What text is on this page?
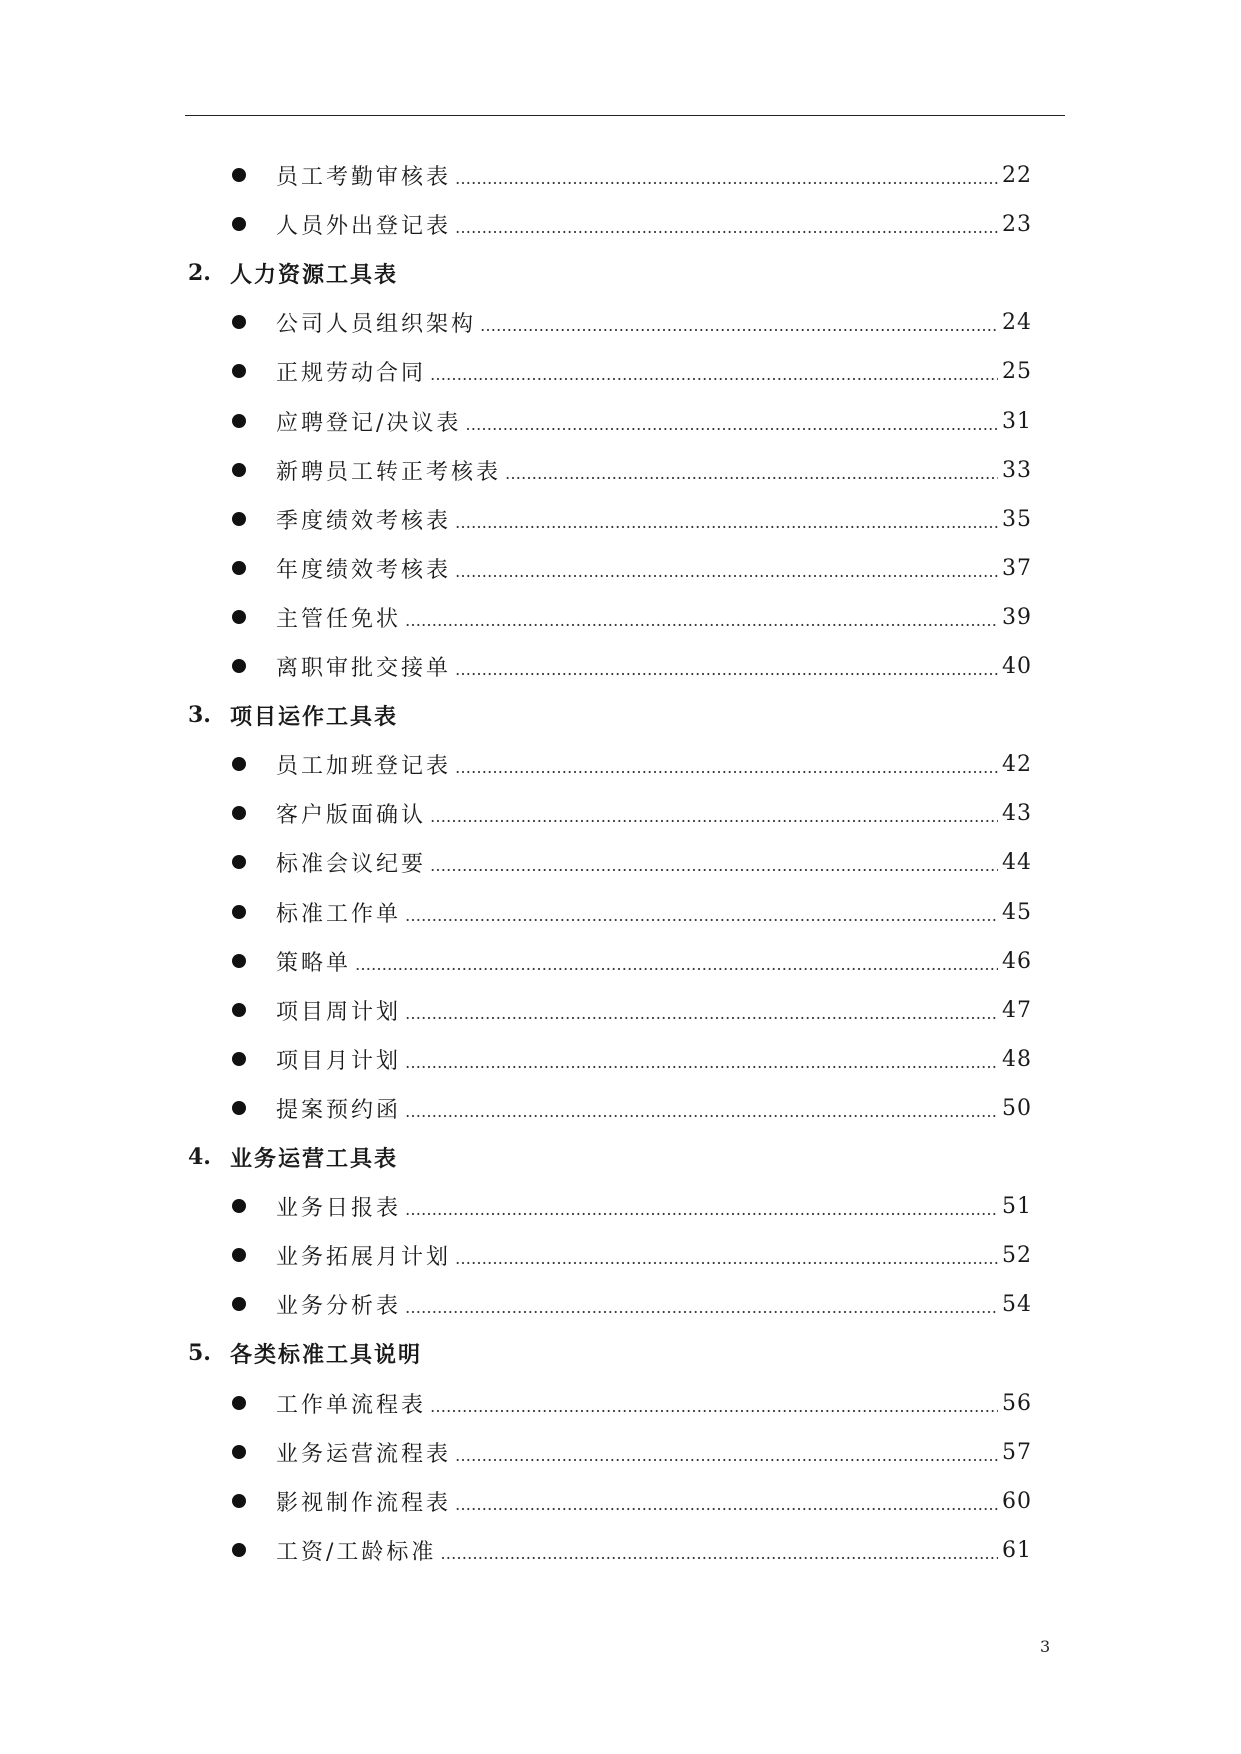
员工考勤审核表 …………………………………………………………………………………………………………………………………………………………………………………………………………………	22
人员外出登记表 …………………………………………………………………………………………………………………………………………………………………………………………………………………	23
2. 人力资源工具表
公司人员组织架构 …………………………………………………………………………………………………………………………………………………………………………………………………………………	24
正规劳动合同 …………………………………………………………………………………………………………………………………………………………………………………………………………………	25
应聘登记/决议表 …………………………………………………………………………………………………………………………………………………………………………………………………………………	31
新聘员工转正考核表 …………………………………………………………………………………………………………………………………………………………………………………………………………………	33
季度绩效考核表 …………………………………………………………………………………………………………………………………………………………………………………………………………………	35
年度绩效考核表 …………………………………………………………………………………………………………………………………………………………………………………………………………………	37
主管任免状 …………………………………………………………………………………………………………………………………………………………………………………………………………………	39
离职审批交接单 …………………………………………………………………………………………………………………………………………………………………………………………………………………	40
3. 项目运作工具表
员工加班登记表 …………………………………………………………………………………………………………………………………………………………………………………………………………………	42
客户版面确认 …………………………………………………………………………………………………………………………………………………………………………………………………………………	43
标准会议纪要 …………………………………………………………………………………………………………………………………………………………………………………………………………………	44
标准工作单 …………………………………………………………………………………………………………………………………………………………………………………………………………………	45
策略单 …………………………………………………………………………………………………………………………………………………………………………………………………………………	46
项目周计划 …………………………………………………………………………………………………………………………………………………………………………………………………………………	47
项目月计划 …………………………………………………………………………………………………………………………………………………………………………………………………………………	48
提案预约函 …………………………………………………………………………………………………………………………………………………………………………………………………………………	50
4. 业务运营工具表
业务日报表 …………………………………………………………………………………………………………………………………………………………………………………………………………………	51
业务拓展月计划 …………………………………………………………………………………………………………………………………………………………………………………………………………………	52
业务分析表 …………………………………………………………………………………………………………………………………………………………………………………………………………………	54
5. 各类标准工具说明
工作单流程表 …………………………………………………………………………………………………………………………………………………………………………………………………………………	56
业务运营流程表 …………………………………………………………………………………………………………………………………………………………………………………………………………………	57
影视制作流程表 …………………………………………………………………………………………………………………………………………………………………………………………………………………	60
工资/工龄标准 …………………………………………………………………………………………………………………………………………………………………………………………………………………	61
3
